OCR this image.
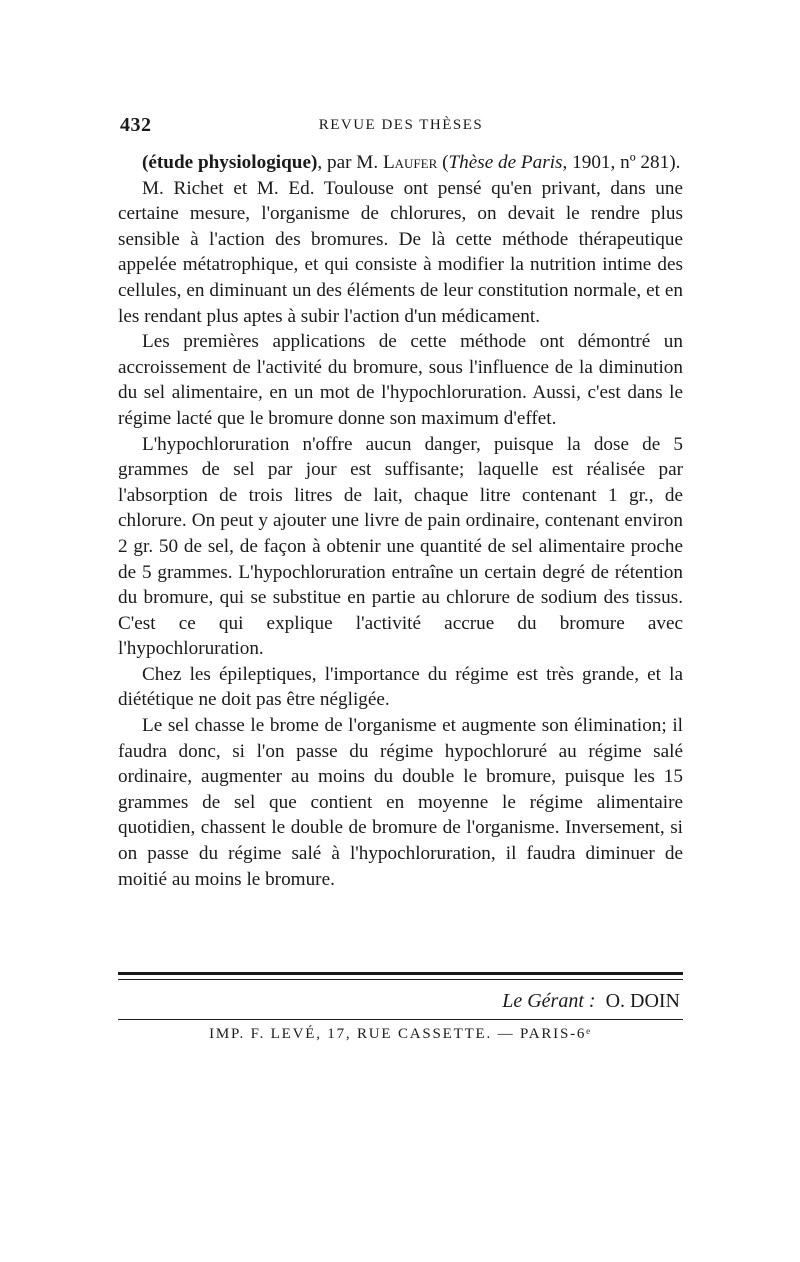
432	REVUE DES THÈSES

(étude physiologique), par M. Laufer (Thèse de Paris, 1901, nº 281).

M. Richet et M. Ed. Toulouse ont pensé qu'en privant, dans une certaine mesure, l'organisme de chlorures, on devait le rendre plus sensible à l'action des bromures. De là cette méthode thérapeutique appelée métatrophique, et qui consiste à modifier la nutrition intime des cellules, en diminuant un des éléments de leur constitution normale, et en les rendant plus aptes à subir l'action d'un médicament.

Les premières applications de cette méthode ont démontré un accroissement de l'activité du bromure, sous l'influence de la diminution du sel alimentaire, en un mot de l'hypochloruration. Aussi, c'est dans le régime lacté que le bromure donne son maximum d'effet.

L'hypochloruration n'offre aucun danger, puisque la dose de 5 grammes de sel par jour est suffisante; laquelle est réalisée par l'absorption de trois litres de lait, chaque litre contenant 1 gr., de chlorure. On peut y ajouter une livre de pain ordinaire, contenant environ 2 gr. 50 de sel, de façon à obtenir une quantité de sel alimentaire proche de 5 grammes. L'hypochloruration entraîne un certain degré de rétention du bromure, qui se substitue en partie au chlorure de sodium des tissus. C'est ce qui explique l'activité accrue du bromure avec l'hypochloruration.

Chez les épileptiques, l'importance du régime est très grande, et la diététique ne doit pas être négligée.

Le sel chasse le brome de l'organisme et augmente son élimination; il faudra donc, si l'on passe du régime hypochloruré au régime salé ordinaire, augmenter au moins du double le bromure, puisque les 15 grammes de sel que contient en moyenne le régime alimentaire quotidien, chassent le double de bromure de l'organisme. Inversement, si on passe du régime salé à l'hypochloruration, il faudra diminuer de moitié au moins le bromure.

Le Gérant : O. DOIN
IMP. F. LEVÉ, 17, RUE CASSETTE. — PARIS-6ᵉ
